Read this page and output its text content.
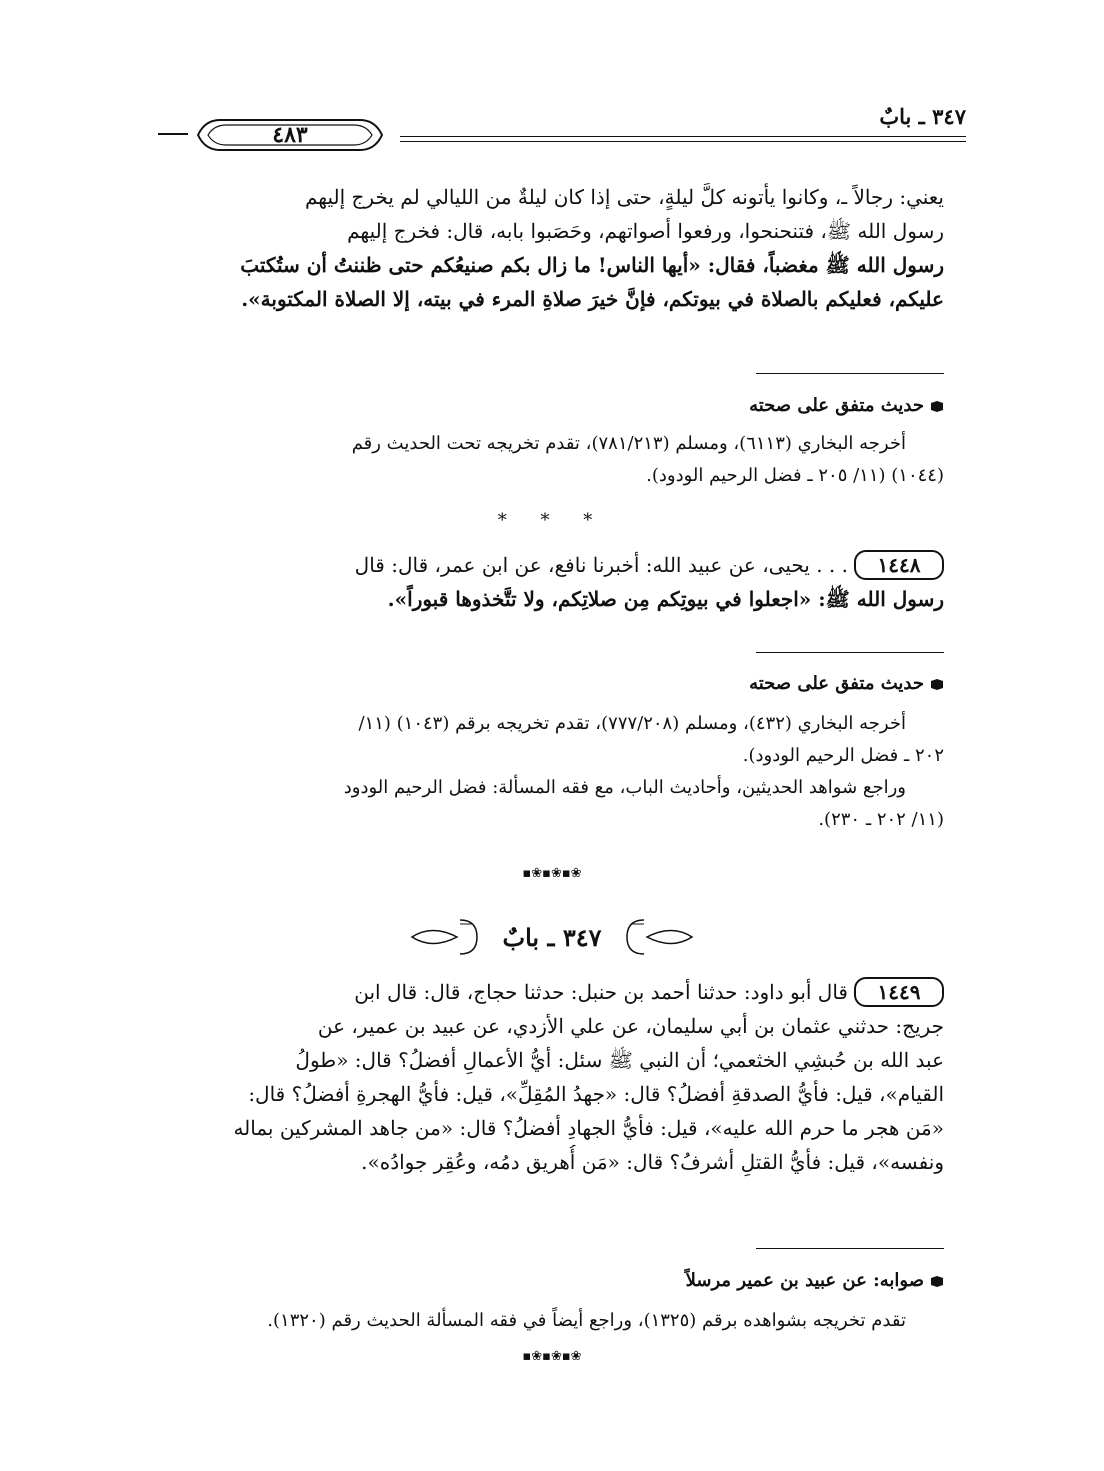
٣٤٧ ـ بابٌ
٤٨٣
يعني: رجالاً ـ، وكانوا يأتونه كلَّ ليلةٍ، حتى إذا كان ليلةٌ من الليالي لم يخرج إليهم
رسول الله ﷺ، فتنحنحوا، ورفعوا أصواتهم، وحَصَبوا بابه، قال: فخرج إليهم
رسول الله ﷺ مغضباً، فقال: «أيها الناس! ما زال بكم صنيعُكم حتى ظننتُ أن ستُكتبَ
عليكم، فعليكم بالصلاة في بيوتكم، فإنَّ خيرَ صلاةِ المرء في بيته، إلا الصلاة المكتوبة».
حديث متفق على صحته
أخرجه البخاري (٦١١٣)، ومسلم (٧٨١/٢١٣)، تقدم تخريجه تحت الحديث رقم
(١٠٤٤) (١١/ ٢٠٥ ـ فضل الرحيم الودود).
* * *
١٤٤٨. . . يحيى، عن عبيد الله: أخبرنا نافع، عن ابن عمر، قال: قال
رسول الله ﷺ: «اجعلوا في بيوتِكم مِن صلاتِكم، ولا تتَّخذوها قبوراً».
حديث متفق على صحته
أخرجه البخاري (٤٣٢)، ومسلم (٧٧٧/٢٠٨)، تقدم تخريجه برقم (١٠٤٣) (١١/
٢٠٢ ـ فضل الرحيم الودود).
وراجع شواهد الحديثين، وأحاديث الباب، مع فقه المسألة: فضل الرحيم الودود
(١١/ ٢٠٢ ـ ٢٣٠).
❀▪❀▪❀▪
٣٤٧ ـ بابٌ
١٤٤٩قال أبو داود: حدثنا أحمد بن حنبل: حدثنا حجاج، قال: قال ابن
جريج: حدثني عثمان بن أبي سليمان، عن علي الأزدي، عن عبيد بن عمير، عن
عبد الله بن حُبشِي الخثعمي؛ أن النبي ﷺ سئل: أيُّ الأعمالِ أفضلُ؟ قال: «طولُ
القيام»، قيل: فأيُّ الصدقةِ أفضلُ؟ قال: «جهدُ المُقِلِّ»، قيل: فأيُّ الهجرةِ أفضلُ؟ قال:
«مَن هجر ما حرم الله عليه»، قيل: فأيُّ الجهادِ أفضلُ؟ قال: «من جاهد المشركين بماله
ونفسه»، قيل: فأيُّ القتلِ أشرفُ؟ قال: «مَن أُهريق دمُه، وعُقِر جوادُه».
صوابه: عن عبيد بن عمير مرسلاً
تقدم تخريجه بشواهده برقم (١٣٢٥)، وراجع أيضاً في فقه المسألة الحديث رقم (١٣٢٠).
❀▪❀▪❀▪
